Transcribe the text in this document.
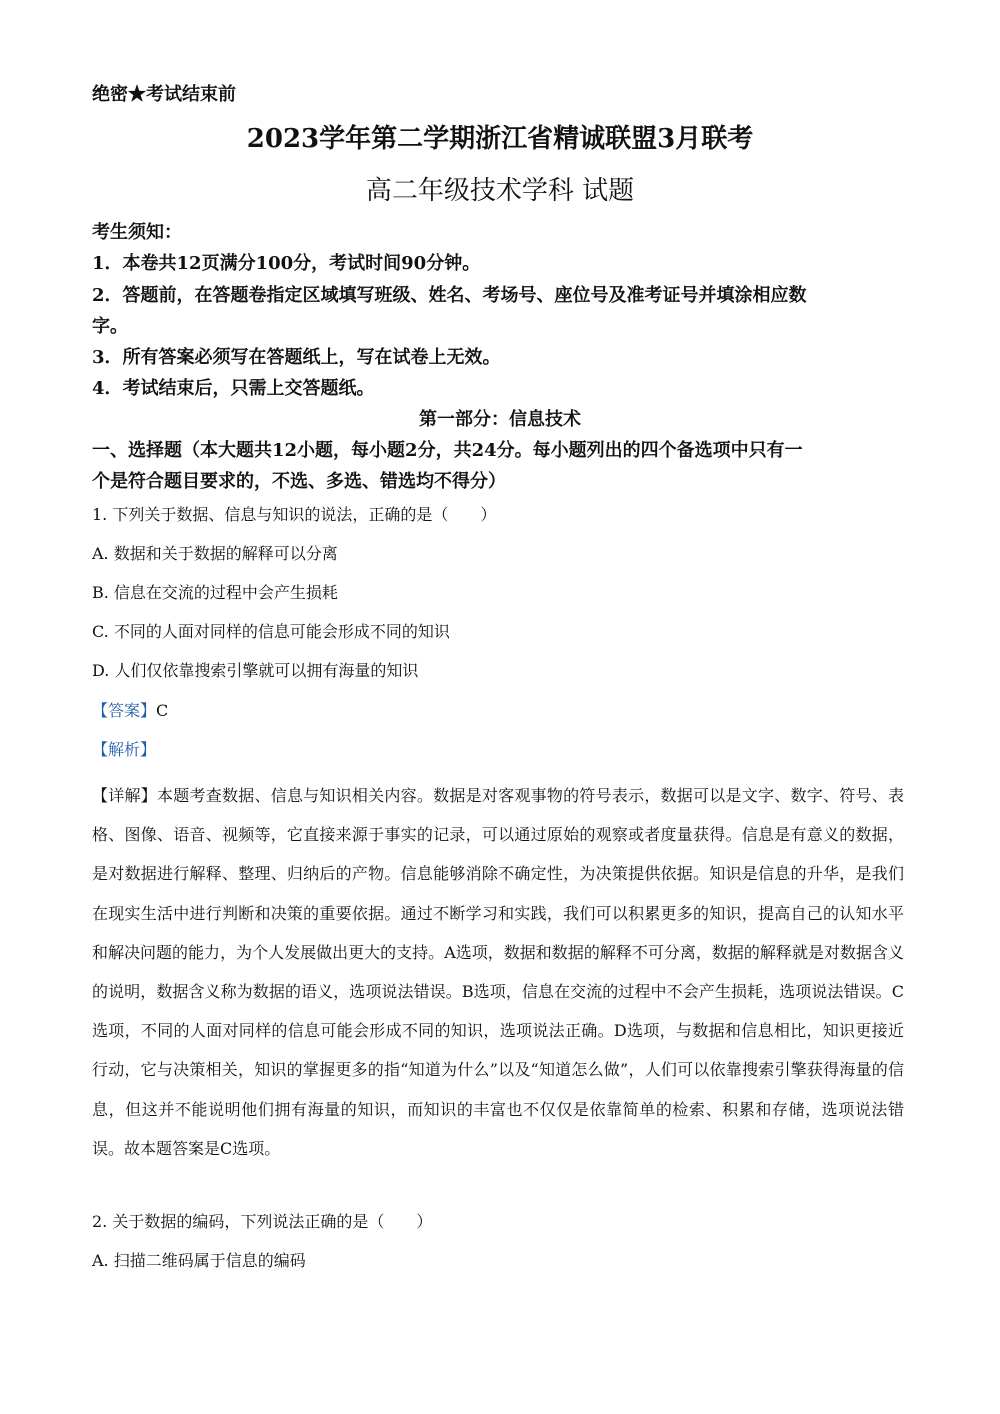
绝密★考试结束前
2023学年第二学期浙江省精诚联盟3月联考
高二年级技术学科 试题
考生须知：
1．本卷共12页满分100分，考试时间90分钟。
2．答题前，在答题卷指定区域填写班级、姓名、考场号、座位号及准考证号并填涂相应数
字。
3．所有答案必须写在答题纸上，写在试卷上无效。
4．考试结束后，只需上交答题纸。
第一部分：信息技术
一、选择题（本大题共12小题，每小题2分，共24分。每小题列出的四个备选项中只有一
个是符合题目要求的，不选、多选、错选均不得分）
1. 下列关于数据、信息与知识的说法，正确的是（　　）
A. 数据和关于数据的解释可以分离
B. 信息在交流的过程中会产生损耗
C. 不同的人面对同样的信息可能会形成不同的知识
D. 人们仅依靠搜索引擎就可以拥有海量的知识
【答案】C
【解析】

【详解】本题考查数据、信息与知识相关内容。数据是对客观事物的符号表示，数据可以是文字、数字、符号、表格、图像、语音、视频等，它直接来源于事实的记录，可以通过原始的观察或者度量获得。信息是有意义的数据，是对数据进行解释、整理、归纳后的产物。信息能够消除不确定性，为决策提供依据。知识是信息的升华，是我们在现实生活中进行判断和决策的重要依据。通过不断学习和实践，我们可以积累更多的知识，提高自己的认知水平和解决问题的能力，为个人发展做出更大的支持。A选项，数据和数据的解释不可分离，数据的解释就是对数据含义的说明，数据含义称为数据的语义，选项说法错误。B选项，信息在交流的过程中不会产生损耗，选项说法错误。C选项，不同的人面对同样的信息可能会形成不同的知识，选项说法正确。D选项，与数据和信息相比，知识更接近行动，它与决策相关，知识的掌握更多的指“知道为什么”以及“知道怎么做”，人们可以依靠搜索引擎获得海量的信息，但这并不能说明他们拥有海量的知识，而知识的丰富也不仅仅是依靠简单的检索、积累和存储，选项说法错误。故本题答案是C选项。

2. 关于数据的编码，下列说法正确的是（　　）
A. 扫描二维码属于信息的编码
